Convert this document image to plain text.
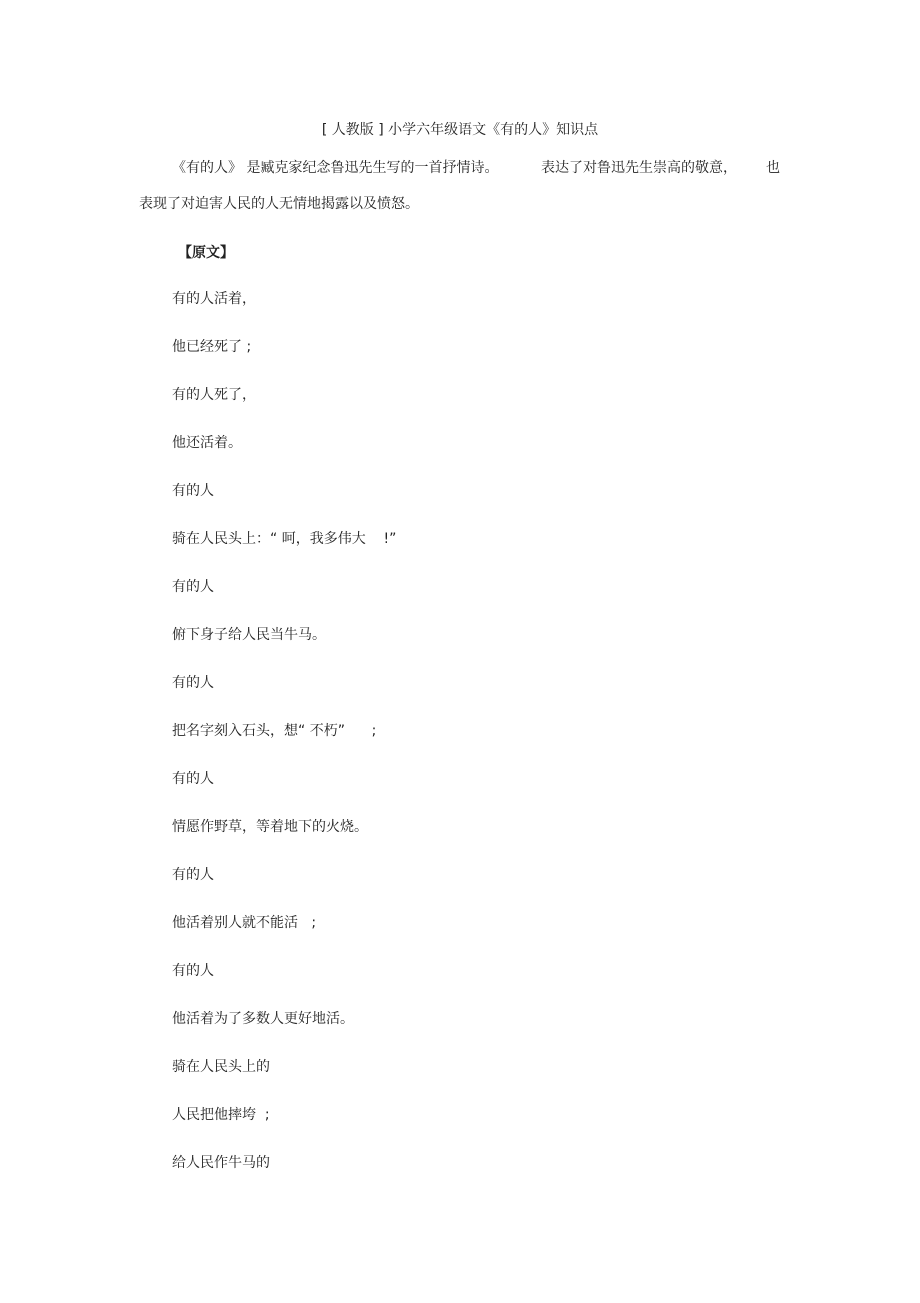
[ 人教版 ] 小学六年级语文《有的人》知识点
《有的人》 是臧克家纪念鲁迅先生写的一首抒情诗。	表达了对鲁迅先生崇高的敬意， 也
表现了对迫害人民的人无情地揭露以及愤怒。
【原文】
有的人活着，
他已经死了 ;
有的人死了，
他还活着。
有的人
骑在人民头上：“ 呵，我多伟大    !”
有的人
俯下身子给人民当牛马。
有的人
把名字刻入石头，想“ 不朽”      ;
有的人
情愿作野草，等着地下的火烧。
有的人
他活着别人就不能活   ;
有的人
他活着为了多数人更好地活。
骑在人民头上的
人民把他摔垮  ;
给人民作牛马的
